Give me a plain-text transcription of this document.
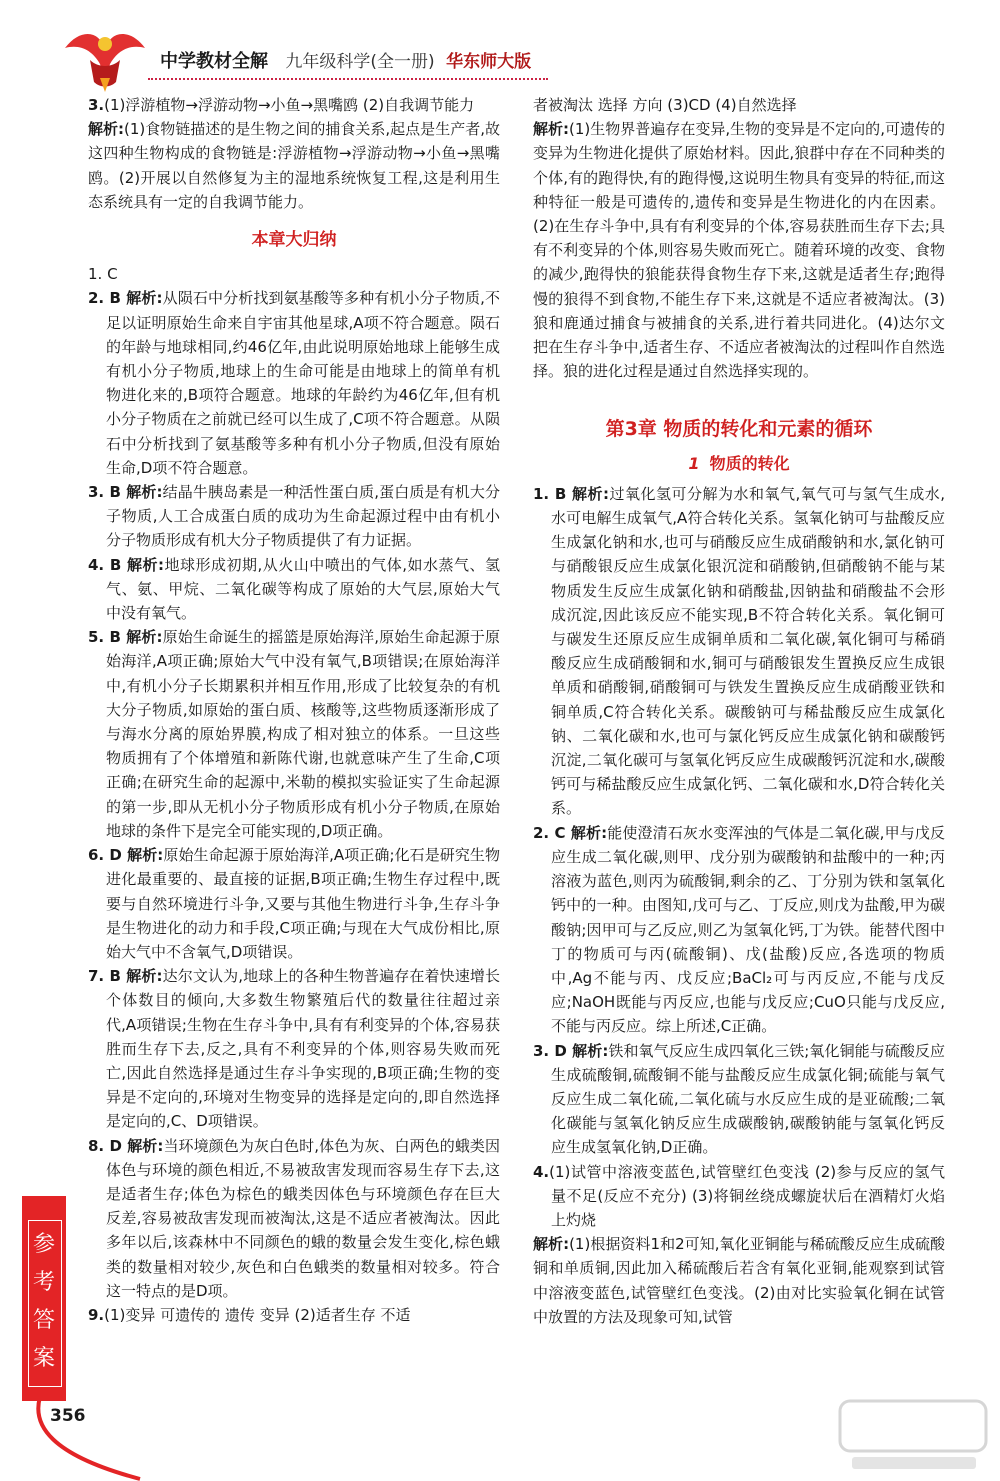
中学教材全解 九年级科学(全一册) 华东师大版

3.(1)浮游植物→浮游动物→小鱼→黑嘴鸥 (2)自我调节能力

解析:(1)食物链描述的是生物之间的捕食关系,起点是生产者,故这四种生物构成的食物链是:浮游植物→浮游动物→小鱼→黑嘴鸥。(2)开展以自然修复为主的湿地系统恢复工程,这是利用生态系统具有一定的自我调节能力。

本章大归纳

1. C

2. B 解析:从陨石中分析找到氨基酸等多种有机小分子物质,不足以证明原始生命来自宇宙其他星球,A项不符合题意。陨石的年龄与地球相同,约46亿年,由此说明原始地球上能够生成有机小分子物质,地球上的生命可能是由地球上的简单有机物进化来的,B项符合题意。地球的年龄约为46亿年,但有机小分子物质在之前就已经可以生成了,C项不符合题意。从陨石中分析找到了氨基酸等多种有机小分子物质,但没有原始生命,D项不符合题意。

3. B 解析:结晶牛胰岛素是一种活性蛋白质,蛋白质是有机大分子物质,人工合成蛋白质的成功为生命起源过程中由有机小分子物质形成有机大分子物质提供了有力证据。

4. B 解析:地球形成初期,从火山中喷出的气体,如水蒸气、氢气、氨、甲烷、二氧化碳等构成了原始的大气层,原始大气中没有氧气。

5. B 解析:原始生命诞生的摇篮是原始海洋,原始生命起源于原始海洋,A项正确;原始大气中没有氧气,B项错误;在原始海洋中,有机小分子长期累积并相互作用,形成了比较复杂的有机大分子物质,如原始的蛋白质、核酸等,这些物质逐渐形成了与海水分离的原始界膜,构成了相对独立的体系。一旦这些物质拥有了个体增殖和新陈代谢,也就意味产生了生命,C项正确;在研究生命的起源中,米勒的模拟实验证实了生命起源的第一步,即从无机小分子物质形成有机小分子物质,在原始地球的条件下是完全可能实现的,D项正确。

6. D 解析:原始生命起源于原始海洋,A项正确;化石是研究生物进化最重要的、最直接的证据,B项正确;生物生存过程中,既要与自然环境进行斗争,又要与其他生物进行斗争,生存斗争是生物进化的动力和手段,C项正确;与现在大气成份相比,原始大气中不含氧气,D项错误。

7. B 解析:达尔文认为,地球上的各种生物普遍存在着快速增长个体数目的倾向,大多数生物繁殖后代的数量往往超过亲代,A项错误;生物在生存斗争中,具有有利变异的个体,容易获胜而生存下去,反之,具有不利变异的个体,则容易失败而死亡,因此自然选择是通过生存斗争实现的,B项正确;生物的变异是不定向的,环境对生物变异的选择是定向的,即自然选择是定向的,C、D项错误。

8. D 解析:当环境颜色为灰白色时,体色为灰、白两色的蛾类因体色与环境的颜色相近,不易被敌害发现而容易生存下去,这是适者生存;体色为棕色的蛾类因体色与环境颜色存在巨大反差,容易被敌害发现而被淘汰,这是不适应者被淘汰。因此多年以后,该森林中不同颜色的蛾的数量会发生变化,棕色蛾类的数量相对较少,灰色和白色蛾类的数量相对较多。符合这一特点的是D项。

9.(1)变异 可遗传的 遗传 变异 (2)适者生存 不适

者被淘汰 选择 方向 (3)CD (4)自然选择

解析:(1)生物界普遍存在变异,生物的变异是不定向的,可遗传的变异为生物进化提供了原始材料。因此,狼群中存在不同种类的个体,有的跑得快,有的跑得慢,这说明生物具有变异的特征,而这种特征一般是可遗传的,遗传和变异是生物进化的内在因素。(2)在生存斗争中,具有有利变异的个体,容易获胜而生存下去;具有不利变异的个体,则容易失败而死亡。随着环境的改变、食物的减少,跑得快的狼能获得食物生存下来,这就是适者生存;跑得慢的狼得不到食物,不能生存下来,这就是不适应者被淘汰。(3)狼和鹿通过捕食与被捕食的关系,进行着共同进化。(4)达尔文把在生存斗争中,适者生存、不适应者被淘汰的过程叫作自然选择。狼的进化过程是通过自然选择实现的。

第3章 物质的转化和元素的循环
1 物质的转化

1. B 解析:过氧化氢可分解为水和氧气,氧气可与氢气生成水,水可电解生成氧气,A符合转化关系。氢氧化钠可与盐酸反应生成氯化钠和水,也可与硝酸反应生成硝酸钠和水,氯化钠可与硝酸银反应生成氯化银沉淀和硝酸钠,但硝酸钠不能与某物质发生反应生成氯化钠和硝酸盐,因钠盐和硝酸盐不会形成沉淀,因此该反应不能实现,B不符合转化关系。氧化铜可与碳发生还原反应生成铜单质和二氧化碳,氧化铜可与稀硝酸反应生成硝酸铜和水,铜可与硝酸银发生置换反应生成银单质和硝酸铜,硝酸铜可与铁发生置换反应生成硝酸亚铁和铜单质,C符合转化关系。碳酸钠可与稀盐酸反应生成氯化钠、二氧化碳和水,也可与氯化钙反应生成氯化钠和碳酸钙沉淀,二氧化碳可与氢氧化钙反应生成碳酸钙沉淀和水,碳酸钙可与稀盐酸反应生成氯化钙、二氧化碳和水,D符合转化关系。

2. C 解析:能使澄清石灰水变浑浊的气体是二氧化碳,甲与戊反应生成二氧化碳,则甲、戊分别为碳酸钠和盐酸中的一种;丙溶液为蓝色,则丙为硫酸铜,剩余的乙、丁分别为铁和氢氧化钙中的一种。由图知,戊可与乙、丁反应,则戊为盐酸,甲为碳酸钠;因甲可与乙反应,则乙为氢氧化钙,丁为铁。能替代图中丁的物质可与丙(硫酸铜)、戊(盐酸)反应,各选项的物质中,Ag不能与丙、戊反应;BaCl₂可与丙反应,不能与戊反应;NaOH既能与丙反应,也能与戊反应;CuO只能与戊反应,不能与丙反应。综上所述,C正确。

3. D 解析:铁和氧气反应生成四氧化三铁;氧化铜能与硫酸反应生成硫酸铜,硫酸铜不能与盐酸反应生成氯化铜;硫能与氧气反应生成二氧化硫,二氧化硫与水反应生成的是亚硫酸;二氧化碳能与氢氧化钠反应生成碳酸钠,碳酸钠能与氢氧化钙反应生成氢氧化钠,D正确。

4.(1)试管中溶液变蓝色,试管壁红色变浅 (2)参与反应的氢气量不足(反应不充分) (3)将铜丝绕成螺旋状后在酒精灯火焰上灼烧

解析:(1)根据资料1和2可知,氧化亚铜能与稀硫酸反应生成硫酸铜和单质铜,因此加入稀硫酸后若含有氧化亚铜,能观察到试管中溶液变蓝色,试管壁红色变浅。(2)由对比实验氧化铜在试管中放置的方法及现象可知,试管

参考答案
356
